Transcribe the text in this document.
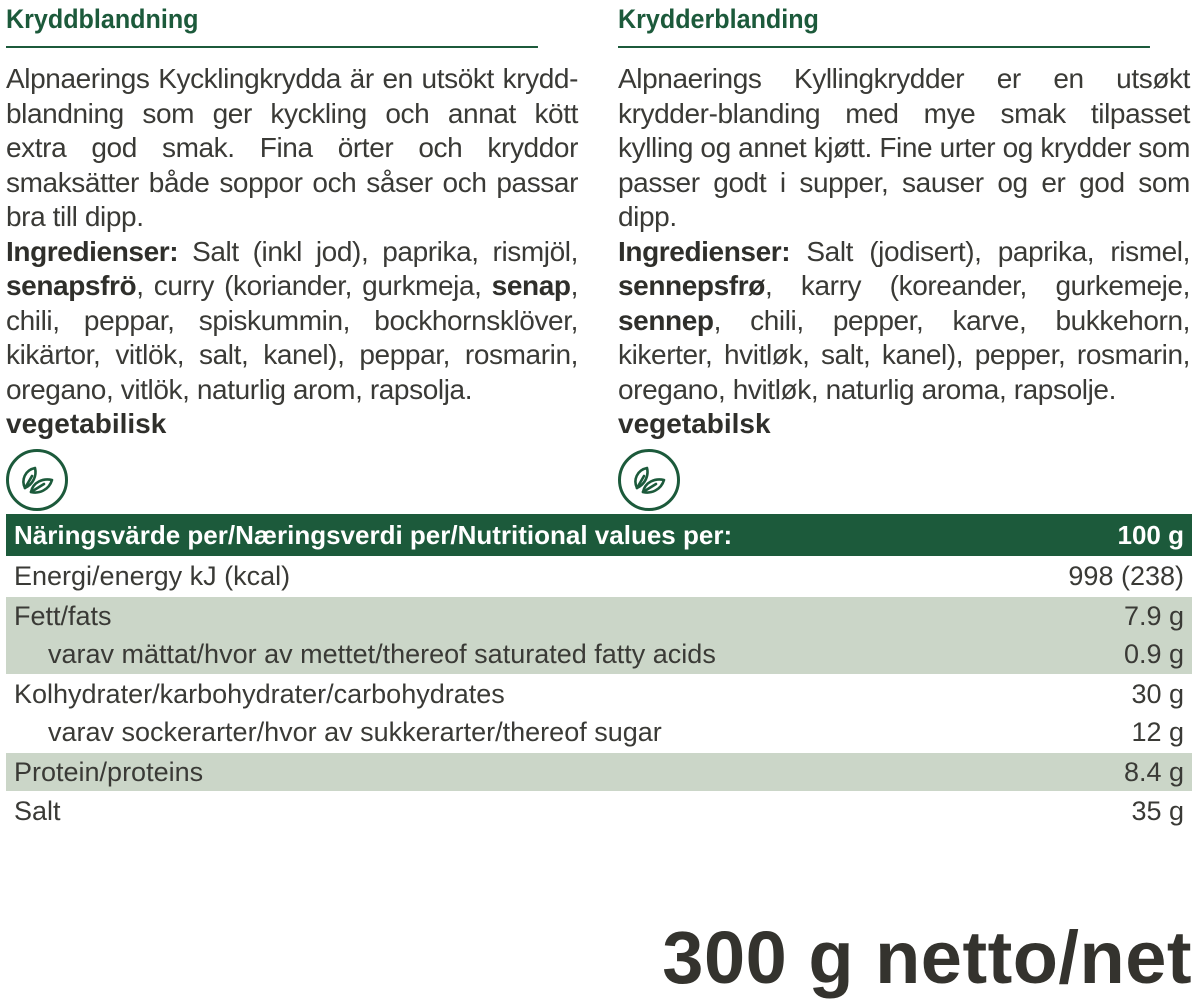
Kryddblandning
Alpnaerings Kycklingkrydda är en utsökt krydd-blandning som ger kyckling och annat kött extra god smak. Fina örter och kryddor smaksätter både soppor och såser och passar bra till dipp.
Ingredienser: Salt (inkl jod), paprika, rismjöl, senapsfrö, curry (koriander, gurkmeja, senap, chili, peppar, spiskummin, bockhornsklöver, kikärtor, vitlök, salt, kanel), peppar, rosmarin, oregano, vitlök, naturlig arom, rapsolja.
vegetabilisk
Krydderblanding
Alpnaerings Kyllingkrydder er en utsøkt krydder-blanding med mye smak tilpasset kylling og annet kjøtt. Fine urter og krydder som passer godt i supper, sauser og er god som dipp.
Ingredienser: Salt (jodisert), paprika, rismel, sennepsfrø, karry (koreander, gurkemeje, sennep, chili, pepper, karve, bukkehorn, kikerter, hvitløk, salt, kanel), pepper, rosmarin, oregano, hvitløk, naturlig aroma, rapsolje.
vegetabilsk
Näringsvärde per/Næringsverdi per/Nutritional values per:	100 g
Energi/energy kJ (kcal)	998 (238)
Fett/fats	7.9 g
varav mättat/hvor av mettet/thereof saturated fatty acids	0.9 g
Kolhydrater/karbohydrater/carbohydrates	30 g
varav sockerarter/hvor av sukkerarter/thereof sugar	12 g
Protein/proteins	8.4 g
Salt	35 g
300 g netto/net
